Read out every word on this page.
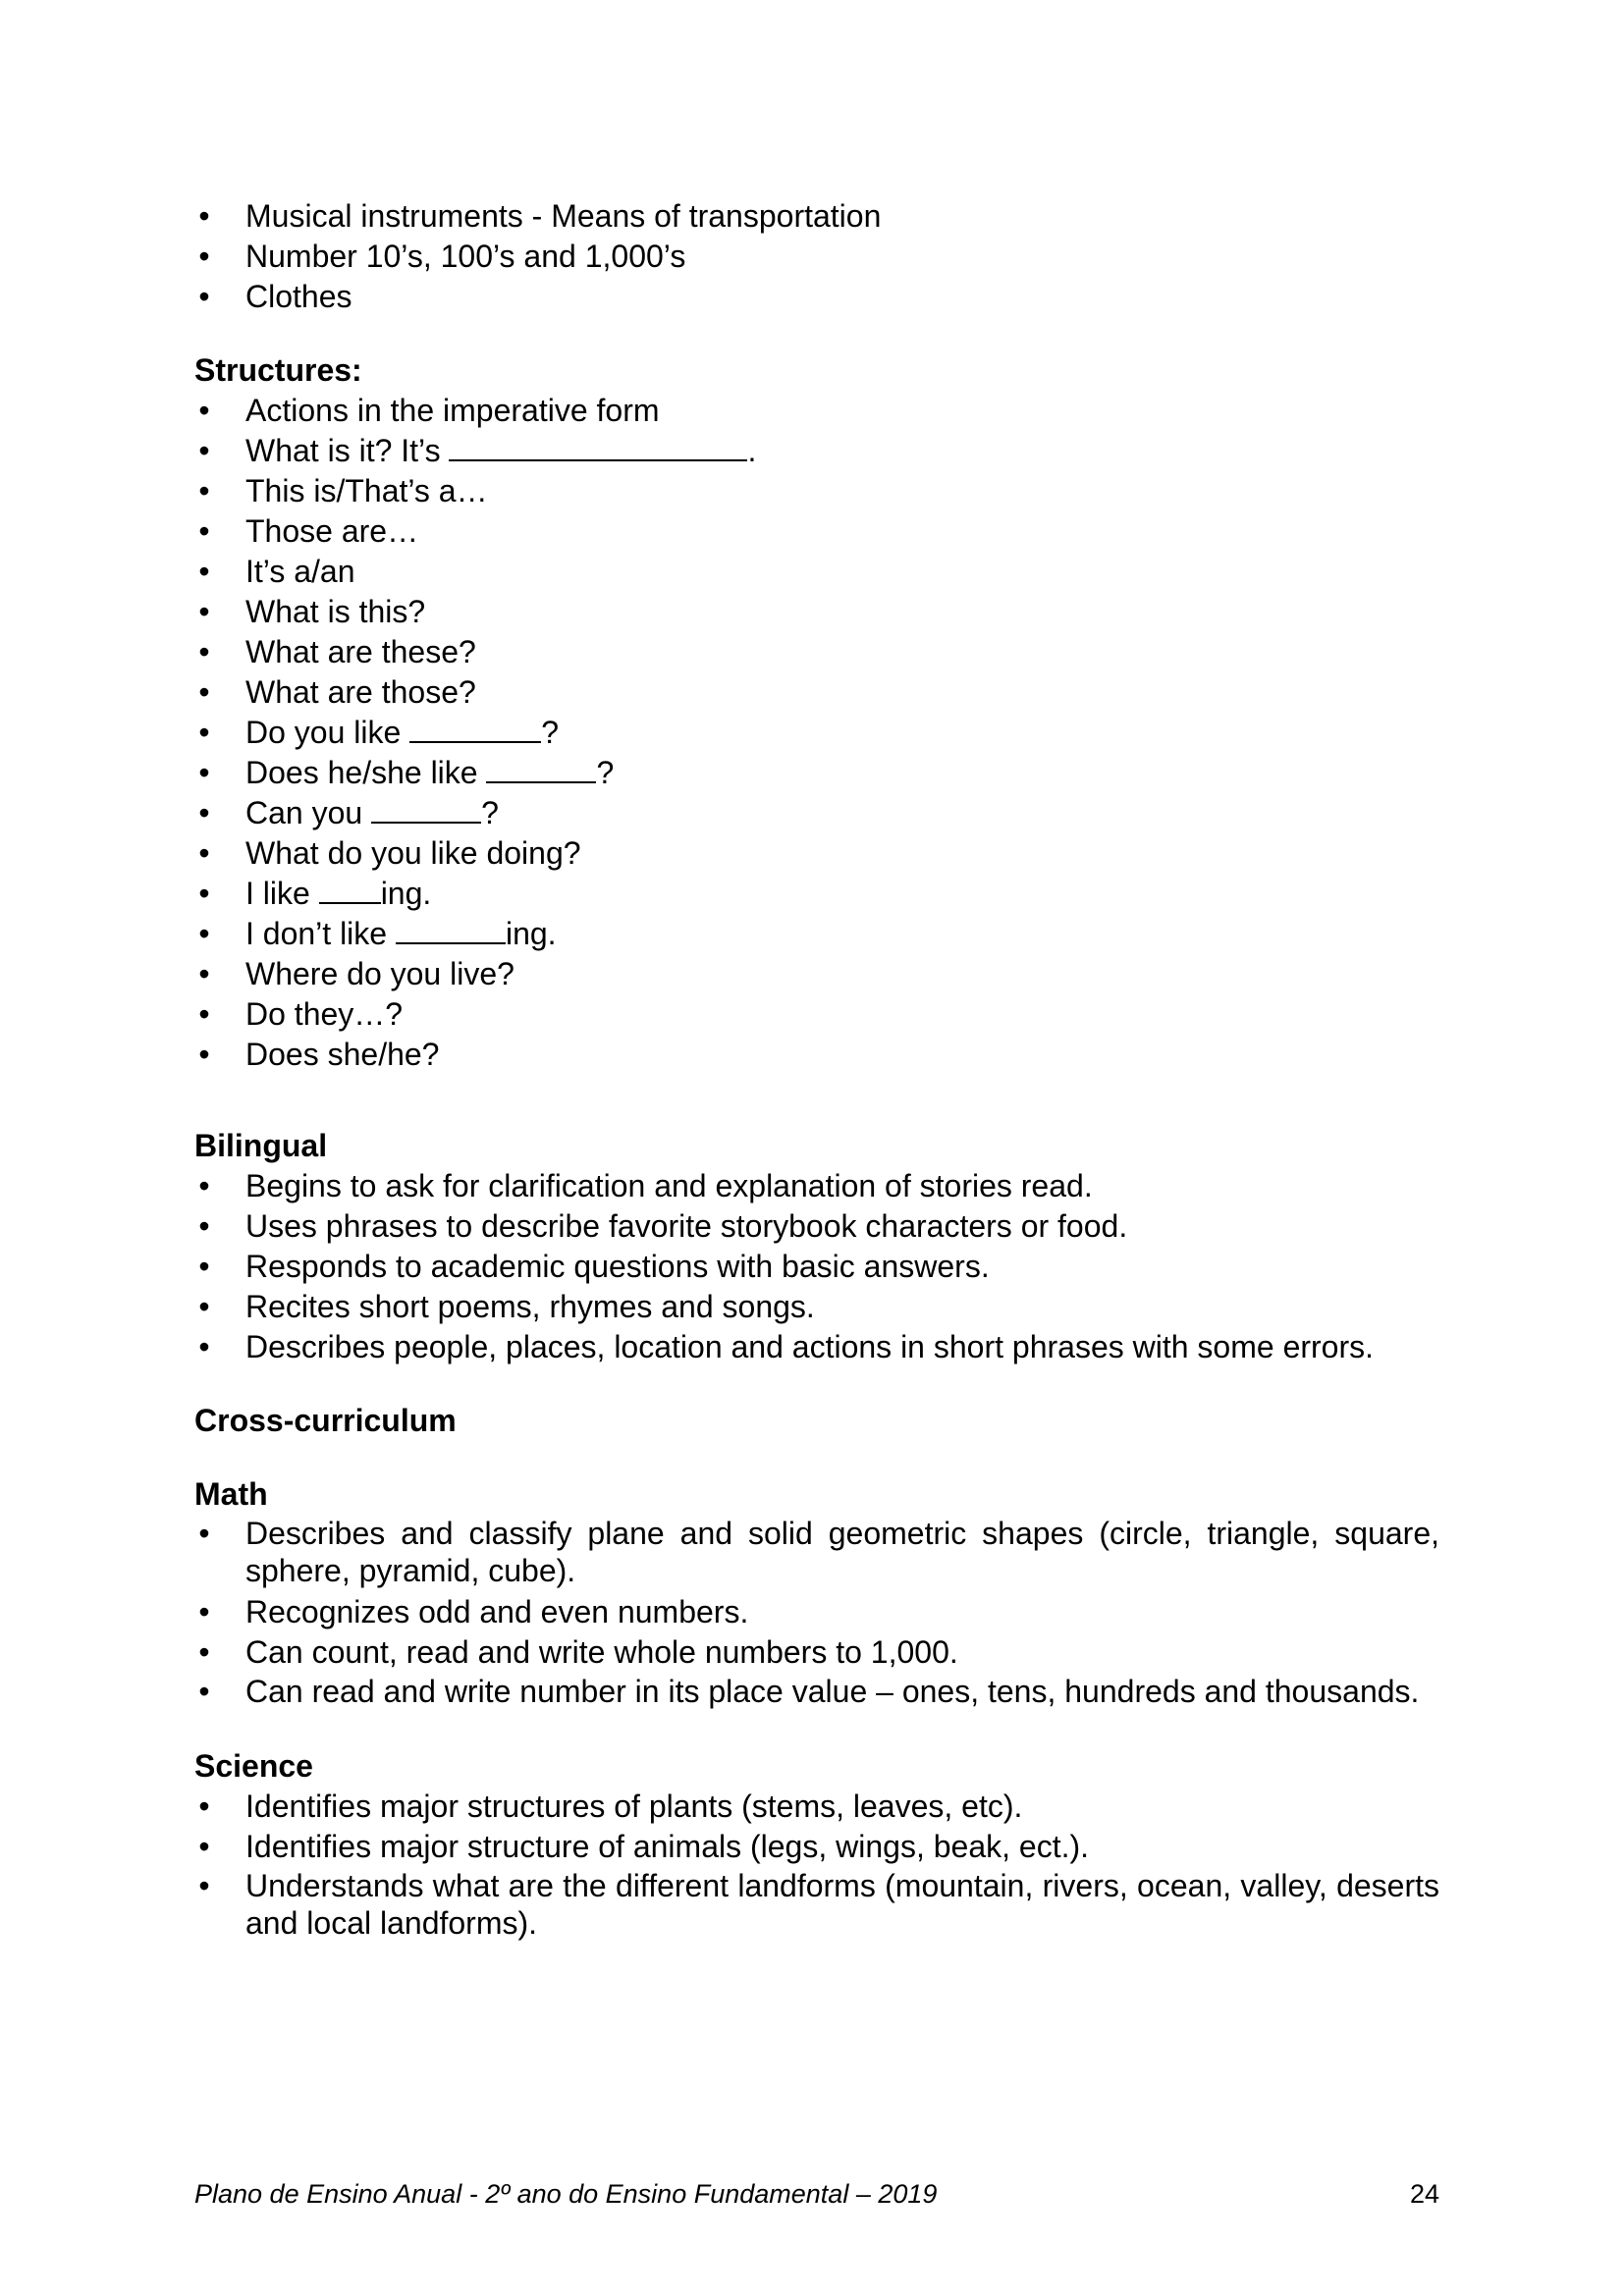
• Musical instruments - Means of transportation
• Number 10’s, 100’s and 1,000’s
• Clothes

Structures:

• Actions in the imperative form
• What is it? It’s	.
• This is/That’s a…
• Those are…
• It’s a/an
• What is this?
• What are these?
• What are those?
• Do you like	?
• Does he/she like	?
• Can you	?
• What do you like doing?
• I like ing.
• I don’t like	ing.
• Where do you live?
• Do they…?
• Does she/he?

Bilingual

• Begins to ask for clarification and explanation of stories read.
• Uses phrases to describe favorite storybook characters or food.
• Responds to academic questions with basic answers.
• Recites short poems, rhymes and songs.
• Describes people, places, location and actions in short phrases with some errors.

Cross-curriculum

Math

• Describes and classify plane and solid geometric shapes (circle, triangle, square, sphere, pyramid, cube).
• Recognizes odd and even numbers.
• Can count, read and write whole numbers to 1,000.
• Can read and write number in its place value – ones, tens, hundreds and thousands.

Science

• Identifies major structures of plants (stems, leaves, etc).
• Identifies major structure of animals (legs, wings, beak, ect.).
• Understands what are the different landforms (mountain, rivers, ocean, valley, deserts and local landforms).
Plano de Ensino Anual - 2º ano do Ensino Fundamental – 2019	24
